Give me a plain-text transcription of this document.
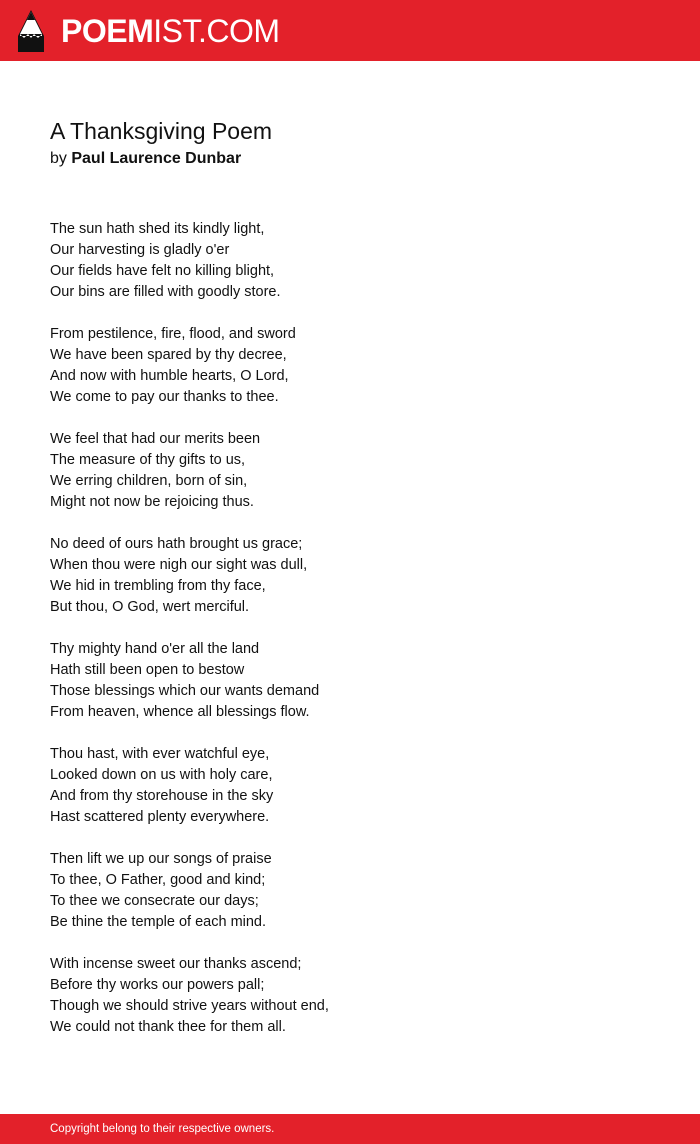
POEMIST.COM
A Thanksgiving Poem
by Paul Laurence Dunbar
The sun hath shed its kindly light,
Our harvesting is gladly o'er
Our fields have felt no killing blight,
Our bins are filled with goodly store.
From pestilence, fire, flood, and sword
We have been spared by thy decree,
And now with humble hearts, O Lord,
We come to pay our thanks to thee.
We feel that had our merits been
The measure of thy gifts to us,
We erring children, born of sin,
Might not now be rejoicing thus.
No deed of ours hath brought us grace;
When thou were nigh our sight was dull,
We hid in trembling from thy face,
But thou, O God, wert merciful.
Thy mighty hand o'er all the land
Hath still been open to bestow
Those blessings which our wants demand
From heaven, whence all blessings flow.
Thou hast, with ever watchful eye,
Looked down on us with holy care,
And from thy storehouse in the sky
Hast scattered plenty everywhere.
Then lift we up our songs of praise
To thee, O Father, good and kind;
To thee we consecrate our days;
Be thine the temple of each mind.
With incense sweet our thanks ascend;
Before thy works our powers pall;
Though we should strive years without end,
We could not thank thee for them all.
Copyright belong to their respective owners.
